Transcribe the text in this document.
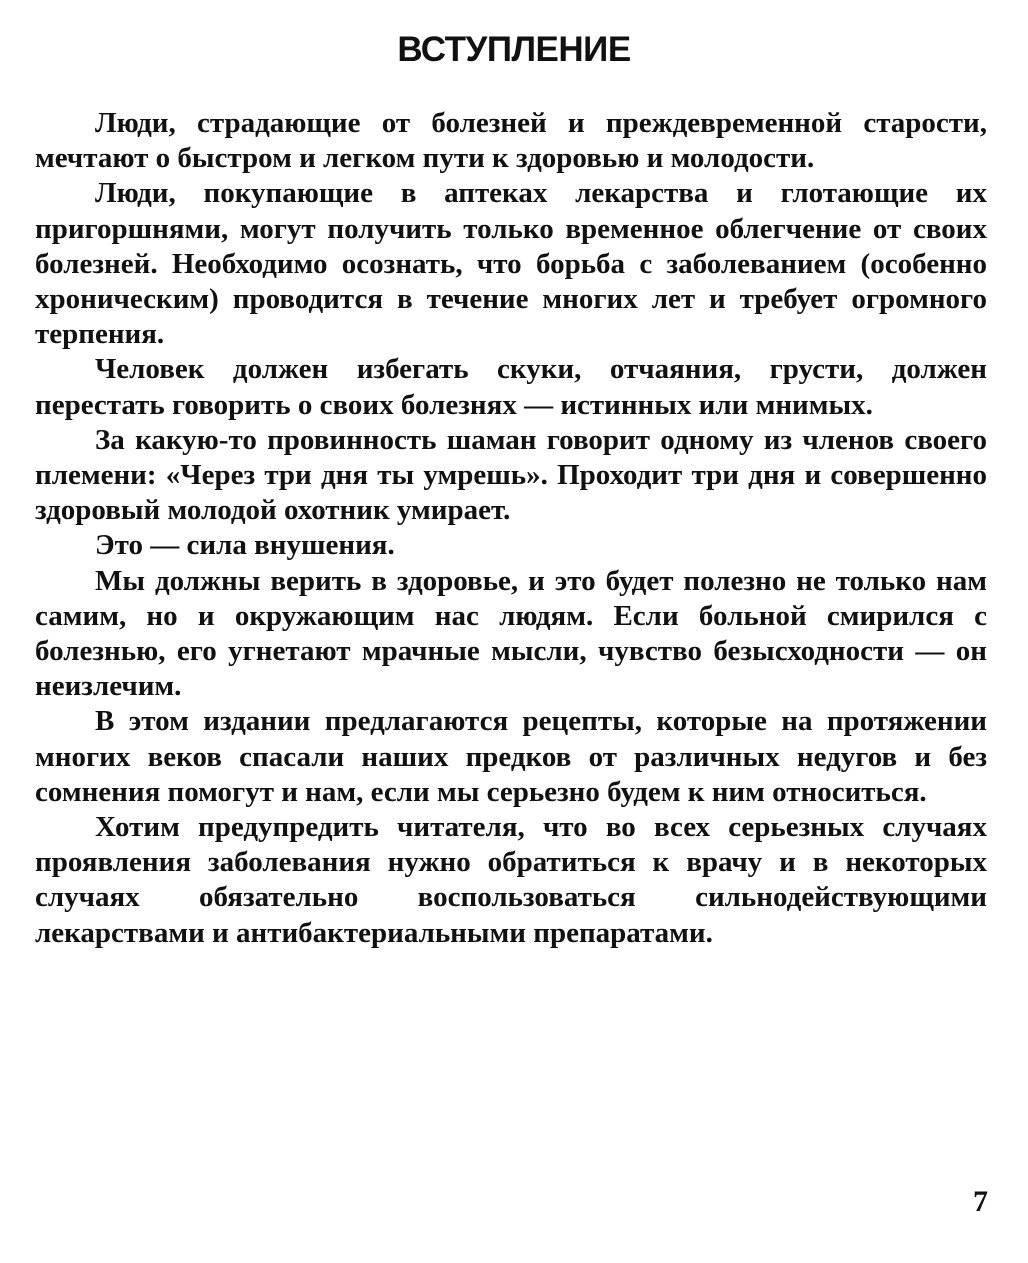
ВСТУПЛЕНИЕ

Люди, страдающие от болезней и преждевременной старости, мечтают о быстром и легком пути к здоровью и молодости.

Люди, покупающие в аптеках лекарства и глотающие их пригоршнями, могут получить только временное облегчение от своих болезней. Необходимо осознать, что борьба с заболеванием (особенно хроническим) проводится в течение многих лет и требует огромного терпения.

Человек должен избегать скуки, отчаяния, грусти, должен перестать говорить о своих болезнях — истинных или мнимых.

За какую-то провинность шаман говорит одному из членов своего племени: «Через три дня ты умрешь». Проходит три дня и совершенно здоровый молодой охотник умирает.

Это — сила внушения.

Мы должны верить в здоровье, и это будет полезно не только нам самим, но и окружающим нас людям. Если больной смирился с болезнью, его угнетают мрачные мысли, чувство безысходности — он неизлечим.

В этом издании предлагаются рецепты, которые на протяжении многих веков спасали наших предков от различных недугов и без сомнения помогут и нам, если мы серьезно будем к ним относиться.

Хотим предупредить читателя, что во всех серьезных случаях проявления заболевания нужно обратиться к врачу и в некоторых случаях обязательно воспользоваться сильнодействующими лекарствами и антибактериальными препаратами.

7
